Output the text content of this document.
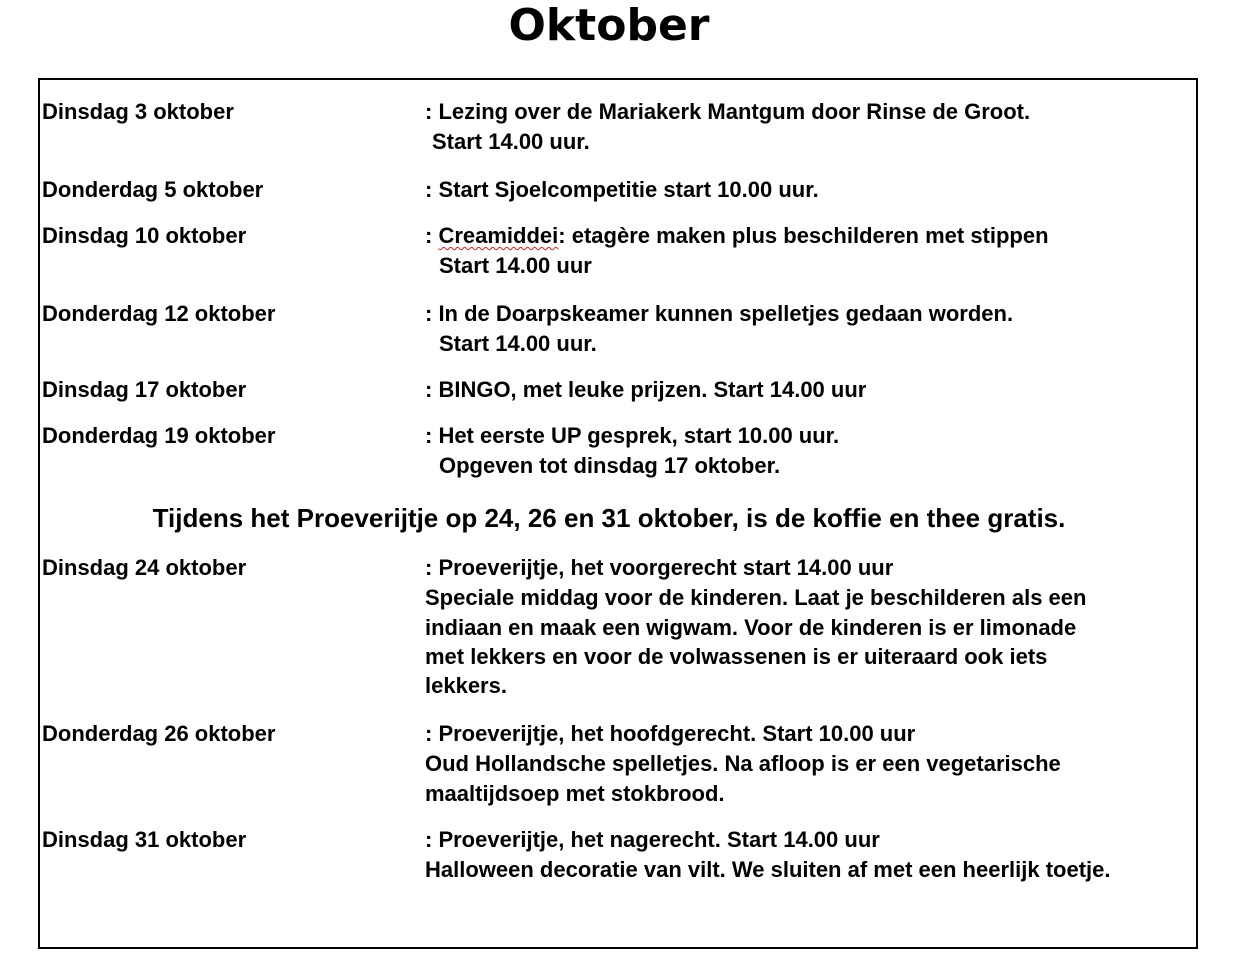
Oktober
Dinsdag 3 oktober	: Lezing over de Mariakerk Mantgum door Rinse de Groot.
Start 14.00 uur.
Donderdag 5 oktober	: Start Sjoelcompetitie start 10.00 uur.
Dinsdag 10 oktober	: Creamiddei: etagère maken plus beschilderen met stippen
Start 14.00 uur
Donderdag 12 oktober	: In de Doarpskeamer kunnen spelletjes gedaan worden.
Start 14.00 uur.
Dinsdag 17 oktober	: BINGO, met leuke prijzen. Start 14.00 uur
Donderdag 19 oktober	: Het eerste UP gesprek, start 10.00 uur.
Opgeven tot dinsdag 17 oktober.
Tijdens het Proeverijtje op 24, 26 en 31 oktober, is de koffie en thee gratis.
Dinsdag 24 oktober	: Proeverijtje, het voorgerecht start 14.00 uur
Speciale middag voor de kinderen. Laat je beschilderen als een
indiaan en maak een wigwam. Voor de kinderen is er limonade
met lekkers en voor de volwassenen is er uiteraard ook iets
lekkers.
Donderdag 26 oktober	: Proeverijtje, het hoofdgerecht. Start 10.00 uur
Oud Hollandsche spelletjes. Na afloop is er een vegetarische
maaltijdsoep met stokbrood.
Dinsdag 31 oktober	: Proeverijtje, het nagerecht. Start 14.00 uur
Halloween decoratie van vilt. We sluiten af met een heerlijk toetje.
